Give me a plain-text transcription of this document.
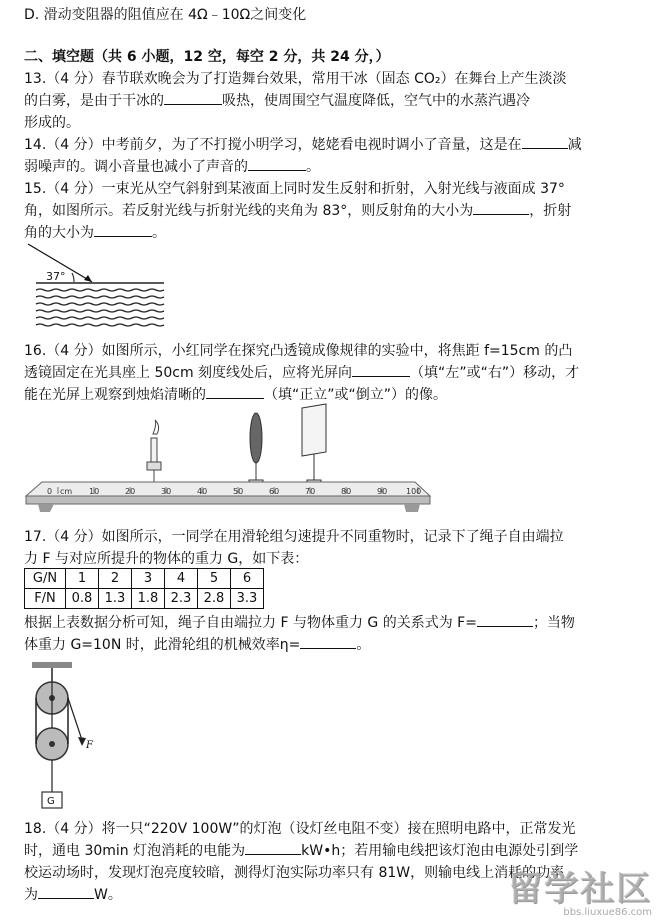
D. 滑动变阻器的阻值应在 4Ω﹣10Ω之间变化
二、填空题（共 6 小题，12 空，每空 2 分，共 24 分，）
13.（4 分）春节联欢晚会为了打造舞台效果，常用干冰（固态 CO₂）在舞台上产生淡淡
的白雾，是由于干冰的	吸热，使周围空气温度降低，空气中的水蒸汽遇冷
形成的。
14.（4 分）中考前夕，为了不打搅小明学习，姥姥看电视时调小了音量，这是在	减
弱噪声的。调小音量也减小了声音的	。
15.（4 分）一束光从空气斜射到某液面上同时发生反射和折射，入射光线与液面成 37°
角，如图所示。若反射光线与折射光线的夹角为 83°，则反射角的大小为	，折射
角的大小为	。
37°
16.（4 分）如图所示，小红同学在探究凸透镜成像规律的实验中，将焦距 f=15cm 的凸
透镜固定在光具座上 50cm 刻度线处后，应将光屏向	（填“左”或“右”）移动，才
能在光屏上观察到烛焰清晰的	（填“正立”或“倒立”）的像。
0 cm 10	20	30	40	50	60	70	80	90 100
17.（4 分）如图所示，一同学在用滑轮组匀速提升不同重物时，记录下了绳子自由端拉
力 F 与对应所提升的物体的重力 G，如下表：
G/N	1	2	3	4	5	6
F/N	0.8	1.3	1.8	2.3	2.8	3.3
根据上表数据分析可知，绳子自由端拉力 F 与物体重力 G 的关系式为 F=	；当物
体重力 G=10N 时，此滑轮组的机械效率η=	。
F
G
18.（4 分）将一只“220V 100W”的灯泡（设灯丝电阻不变）接在照明电路中，正常发光
时，通电 30min 灯泡消耗的电能为	kW•h；若用输电线把该灯泡由电源处引到学
校运动场时，发现灯泡亮度较暗，测得灯泡实际功率只有 81W，则输电线上消耗的功率
为	W。	留学社区
bbs.liuxue86.com
